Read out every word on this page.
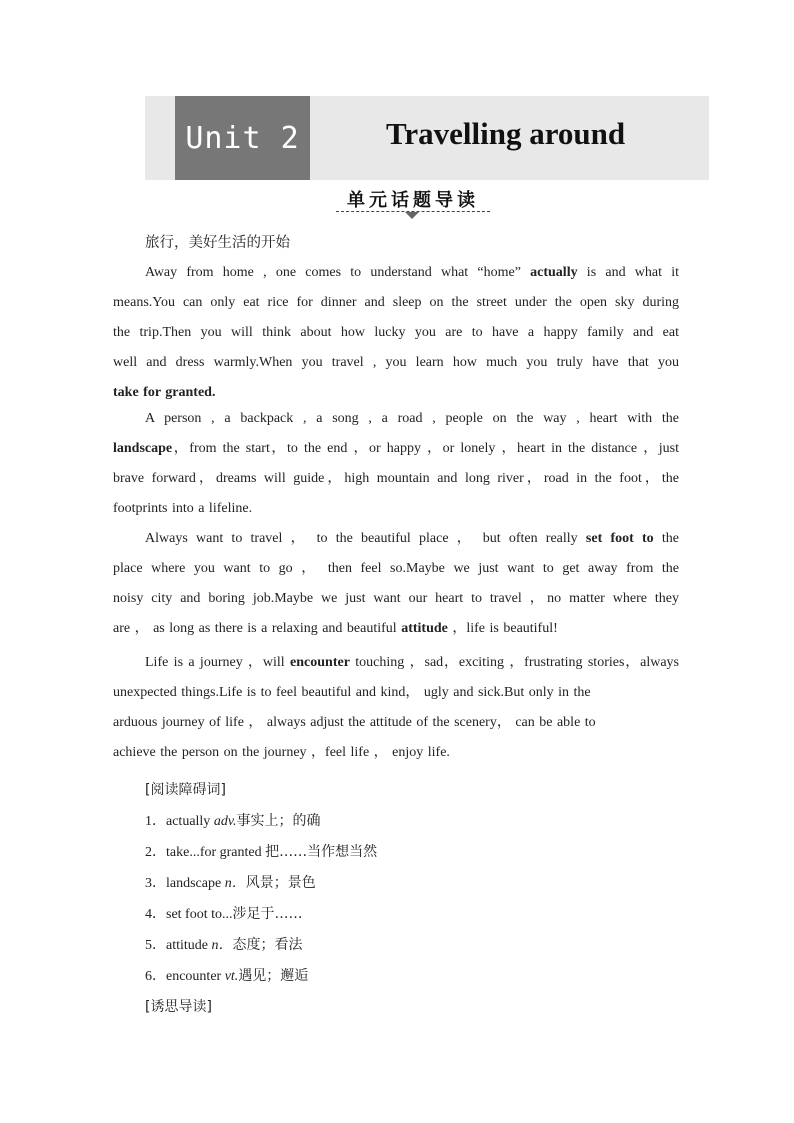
Unit 2	Travelling around
单元话题导读
旅行，美好生活的开始
Away from home , one comes to understand what “home” actually is and what it
means.You can only eat rice for dinner and sleep on the street under the open sky during
the trip.Then you will think about how lucky you are to have a happy family and eat
well and dress warmly.When you travel , you learn how much you truly have that you
take for granted.
A person , a backpack , a song , a road , people on the way , heart with the
landscape，from the start，to the end ，or happy ，or lonely ，heart in the distance ，just
brave forward，dreams will guide，high mountain and long river，road in the foot，the
footprints into a lifeline.
Always want to travel ， to the beautiful place ， but often really set foot to the
place where you want to go ， then feel so.Maybe we just want to get away from the
noisy city and boring job.Maybe we just want our heart to travel ，no matter where they
are ， as long as there is a relaxing and beautiful attitude ，life is beautiful!
Life is a journey ，will encounter touching ，sad，exciting ，frustrating stories，always
unexpected things.Life is to feel beautiful and kind， ugly and sick.But only in the
arduous journey of life ， always adjust the attitude of the scenery， can be able to
achieve the person on the journey ，feel life ， enjoy life.
[阅读障碍词]
1．actually adv.事实上；的确
2．take...for granted 把……当作想当然
3．landscape n．风景；景色
4．set foot to...涉足于……
5．attitude n．态度；看法
6．encounter vt.遇见；邂逅
[诱思导读]
